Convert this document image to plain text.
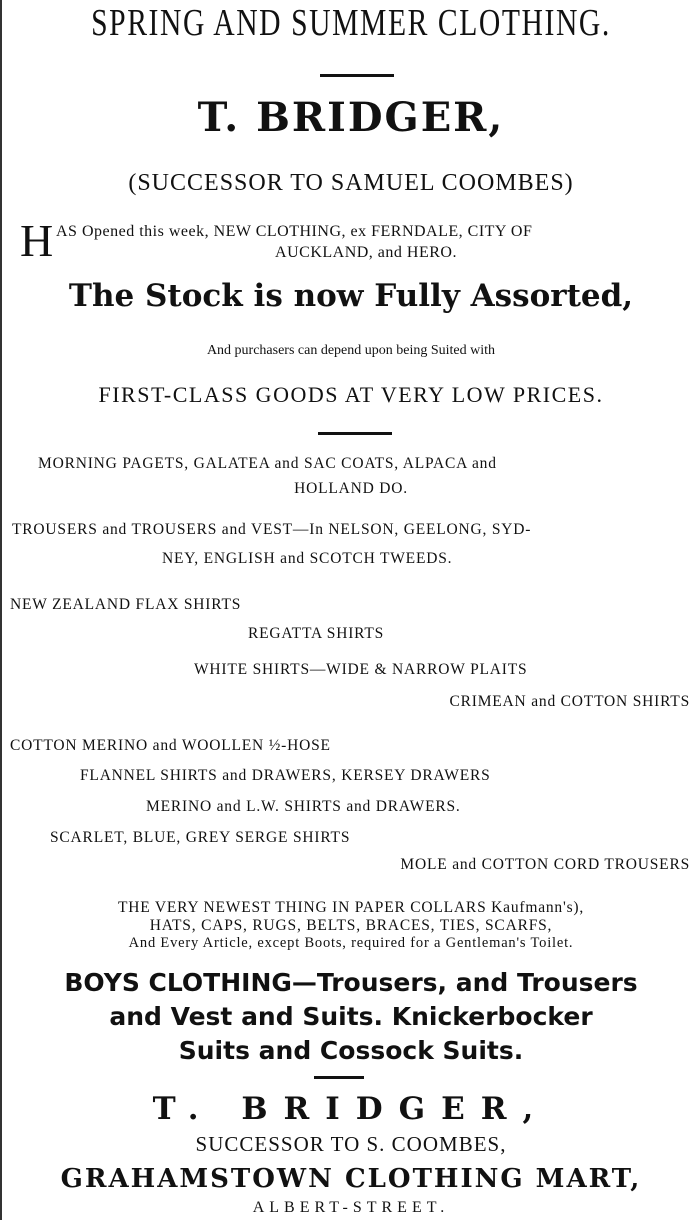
SPRING AND SUMMER CLOTHING.
T. BRIDGER,
(SUCCESSOR TO SAMUEL COOMBES)
H AS Opened this week, NEW CLOTHING, ex FERNDALE, CITY OF
AUCKLAND, and HERO.
The Stock is now Fully Assorted,
And purchasers can depend upon being Suited with
FIRST-CLASS GOODS AT VERY LOW PRICES.
MORNING PAGETS, GALATEA and SAC COATS, ALPACA and
HOLLAND DO.
TROUSERS and TROUSERS and VEST—In NELSON, GEELONG, SYD-
NEY, ENGLISH and SCOTCH TWEEDS.
NEW ZEALAND FLAX SHIRTS
REGATTA SHIRTS
WHITE SHIRTS—WIDE & NARROW PLAITS
CRIMEAN and COTTON SHIRTS
COTTON MERINO and WOOLLEN ½-HOSE
FLANNEL SHIRTS and DRAWERS, KERSEY DRAWERS
MERINO and L.W. SHIRTS and DRAWERS.
SCARLET, BLUE, GREY SERGE SHIRTS
MOLE and COTTON CORD TROUSERS
THE VERY NEWEST THING IN PAPER COLLARS Kaufmann's),
HATS, CAPS, RUGS, BELTS, BRACES, TIES, SCARFS,
And Every Article, except Boots, required for a Gentleman's Toilet.
BOYS CLOTHING—Trousers, and Trousers
and Vest and Suits. Knickerbocker
Suits and Cossock Suits.
T. BRIDGER,
SUCCESSOR TO S. COOMBES,
GRAHAMSTOWN CLOTHING MART,
ALBERT-STREET.
